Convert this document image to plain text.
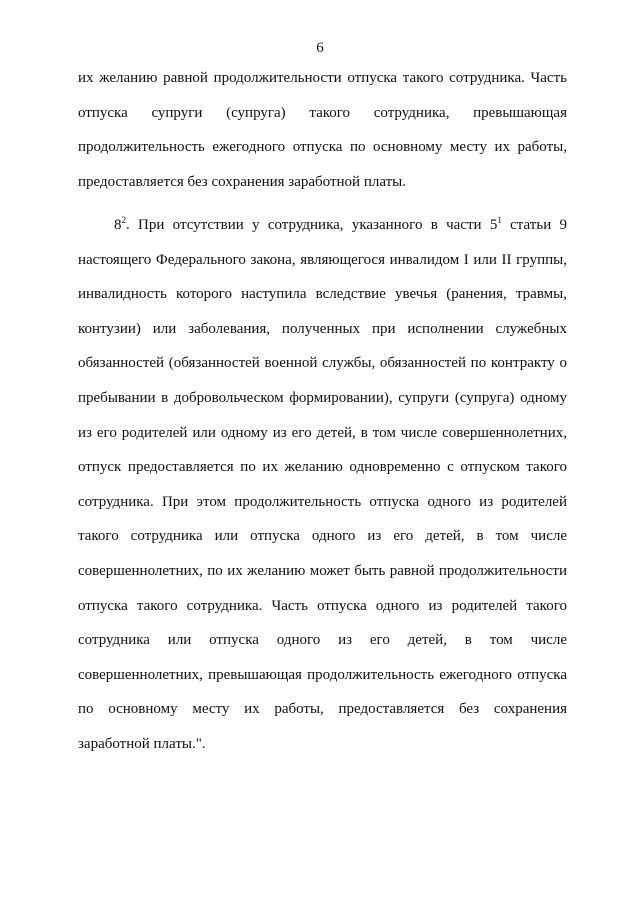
6
их желанию равной продолжительности отпуска такого сотрудника. Часть
отпуска супруги (супруга) такого сотрудника, превышающая
продолжительность ежегодного отпуска по основному месту их работы,
предоставляется без сохранения заработной платы.
$8^2$. При отсутствии у сотрудника, указанного в части $5^1$ статьи 9
настоящего Федерального закона, являющегося инвалидом I или II группы,
инвалидность которого наступила вследствие увечья (ранения, травмы,
контузии) или заболевания, полученных при исполнении служебных
обязанностей (обязанностей военной службы, обязанностей по контракту о
пребывании в добровольческом формировании), супруги (супруга) одному
из его родителей или одному из его детей, в том числе совершеннолетних,
отпуск предоставляется по их желанию одновременно с отпуском такого
сотрудника. При этом продолжительность отпуска одного из родителей
такого сотрудника или отпуска одного из его детей, в том числе
совершеннолетних, по их желанию может быть равной продолжительности
отпуска такого сотрудника. Часть отпуска одного из родителей такого
сотрудника или отпуска одного из его детей, в том числе
совершеннолетних, превышающая продолжительность ежегодного отпуска
по основному месту их работы, предоставляется без сохранения
заработной платы.".
